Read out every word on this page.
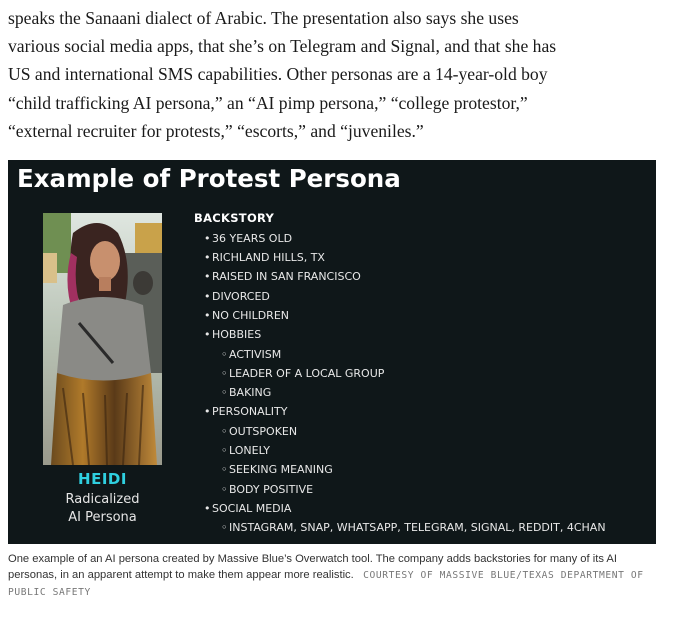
speaks the Sanaani dialect of Arabic. The presentation also says she uses
various social media apps, that she’s on Telegram and Signal, and that she has
US and international SMS capabilities. Other personas are a 14-year-old boy
“child trafficking AI persona,” an “AI pimp persona,” “college protestor,”
“external recruiter for protests,” “escorts,” and “juveniles.”

Example of Protest Persona
HEIDI
Radicalized
AI Persona
BACKSTORY
• 36 YEARS OLD
• RICHLAND HILLS, TX
• RAISED IN SAN FRANCISCO
• DIVORCED
• NO CHILDREN
• HOBBIES
◦ ACTIVISM
◦ LEADER OF A LOCAL GROUP
◦ BAKING
• PERSONALITY
◦ OUTSPOKEN
◦ LONELY
◦ SEEKING MEANING
◦ BODY POSITIVE
• SOCIAL MEDIA
◦ INSTAGRAM, SNAP, WHATSAPP, TELEGRAM, SIGNAL, REDDIT, 4CHAN

One example of an AI persona created by Massive Blue’s Overwatch tool. The company adds backstories for many of its AI personas, in an apparent attempt to make them appear more realistic. COURTESY OF MASSIVE BLUE/TEXAS DEPARTMENT OF PUBLIC SAFETY
